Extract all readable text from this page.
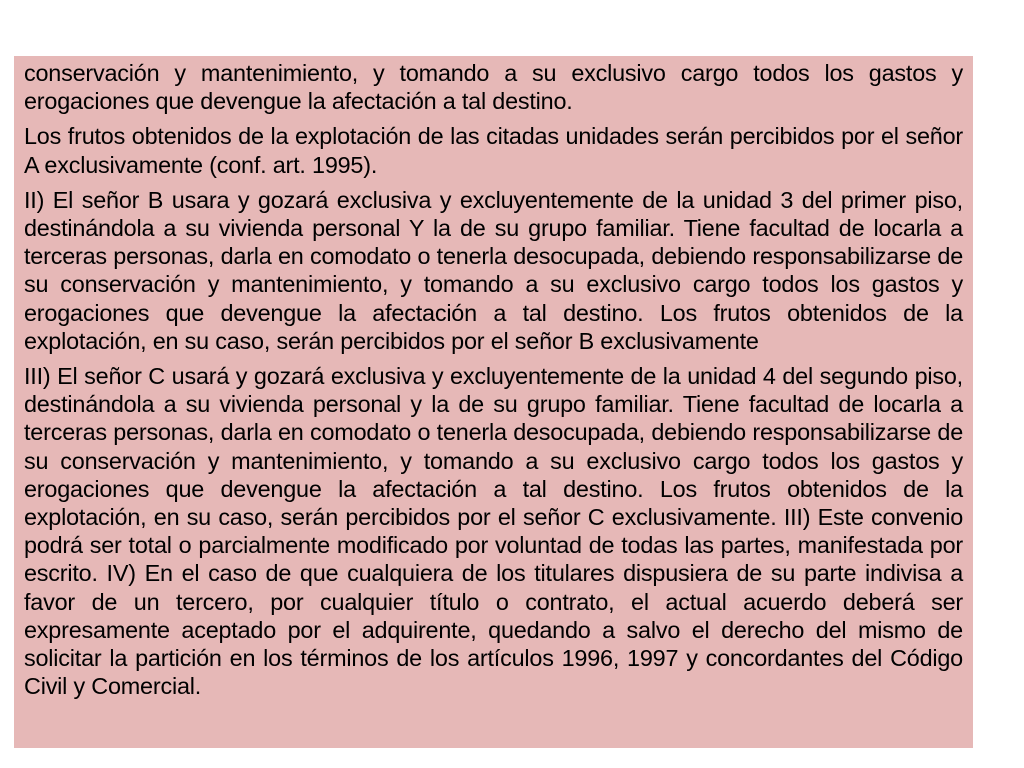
conservación y mantenimiento, y tomando a su exclusivo cargo todos los gastos y erogaciones que devengue la afectación a tal destino.

Los frutos obtenidos de la explotación de las citadas unidades serán percibidos por el señor A exclusivamente (conf. art. 1995).

II) El señor B usara y gozará exclusiva y excluyentemente de la unidad 3 del primer piso, destinándola a su vivienda personal Y la de su grupo familiar. Tiene facultad de locarla a terceras personas, darla en comodato o tenerla desocupada, debiendo responsabilizarse de su conservación y mantenimiento, y tomando a su exclusivo cargo todos los gastos y erogaciones que devengue la afectación a tal destino. Los frutos obtenidos de la explotación, en su caso, serán percibidos por el señor B exclusivamente

III) El señor C usará y gozará exclusiva y excluyentemente de la unidad 4 del segundo piso, destinándola a su vivienda personal y la de su grupo familiar. Tiene facultad de locarla a terceras personas, darla en comodato o tenerla desocupada, debiendo responsabilizarse de su conservación y mantenimiento, y tomando a su exclusivo cargo todos los gastos y erogaciones que devengue la afectación a tal destino. Los frutos obtenidos de la explotación, en su caso, serán percibidos por el señor C exclusivamente. III) Este convenio podrá ser total o parcialmente modificado por voluntad de todas las partes, manifestada por escrito. IV) En el caso de que cualquiera de los titulares dispusiera de su parte indivisa a favor de un tercero, por cualquier título o contrato, el actual acuerdo deberá ser expresamente aceptado por el adquirente, quedando a salvo el derecho del mismo de solicitar la partición en los términos de los artículos 1996, 1997 y concordantes del Código Civil y Comercial.
